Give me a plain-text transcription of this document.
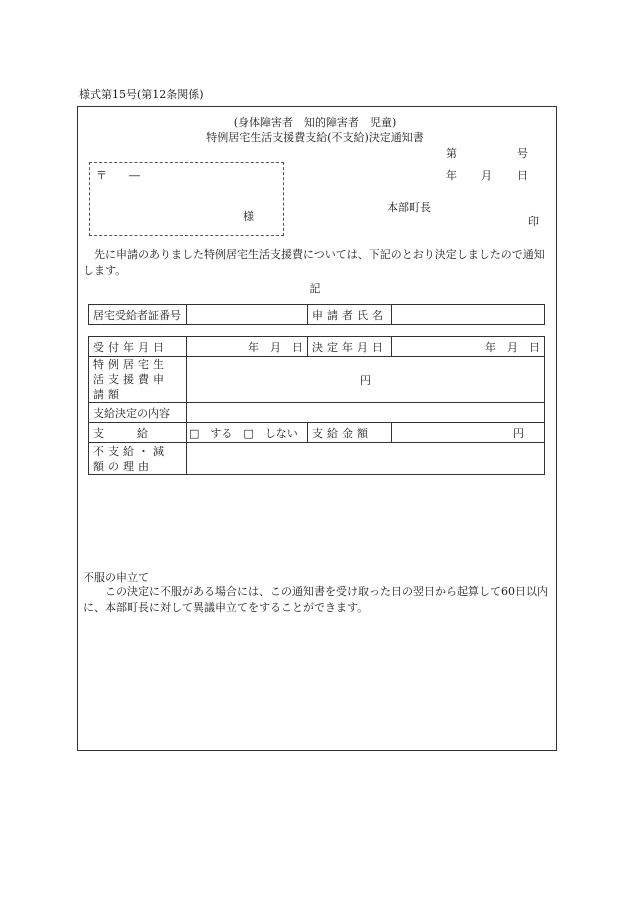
様式第15号(第12条関係)
(身体障害者　知的障害者　児童)
特例居宅生活支援費支給(不支給)決定通知書
第	号
年 月 日
〒　　―
様
本部町長
印
　先に申請のありました特例居宅生活支援費については、下記のとおり決定しましたので通知します。
記
居宅受給者証番号		申請者氏名	
受付年月日	年　月　日	決定年月日	年　月　日
特例居宅生活支援費申請額	円		
支給決定の内容			
支　　　給	□　する　□　しない	支給金額	円
不支給・減額の理由			
不服の申立て
　　この決定に不服がある場合には、この通知書を受け取った日の翌日から起算して60日以内に、本部町長に対して異議申立てをすることができます。
